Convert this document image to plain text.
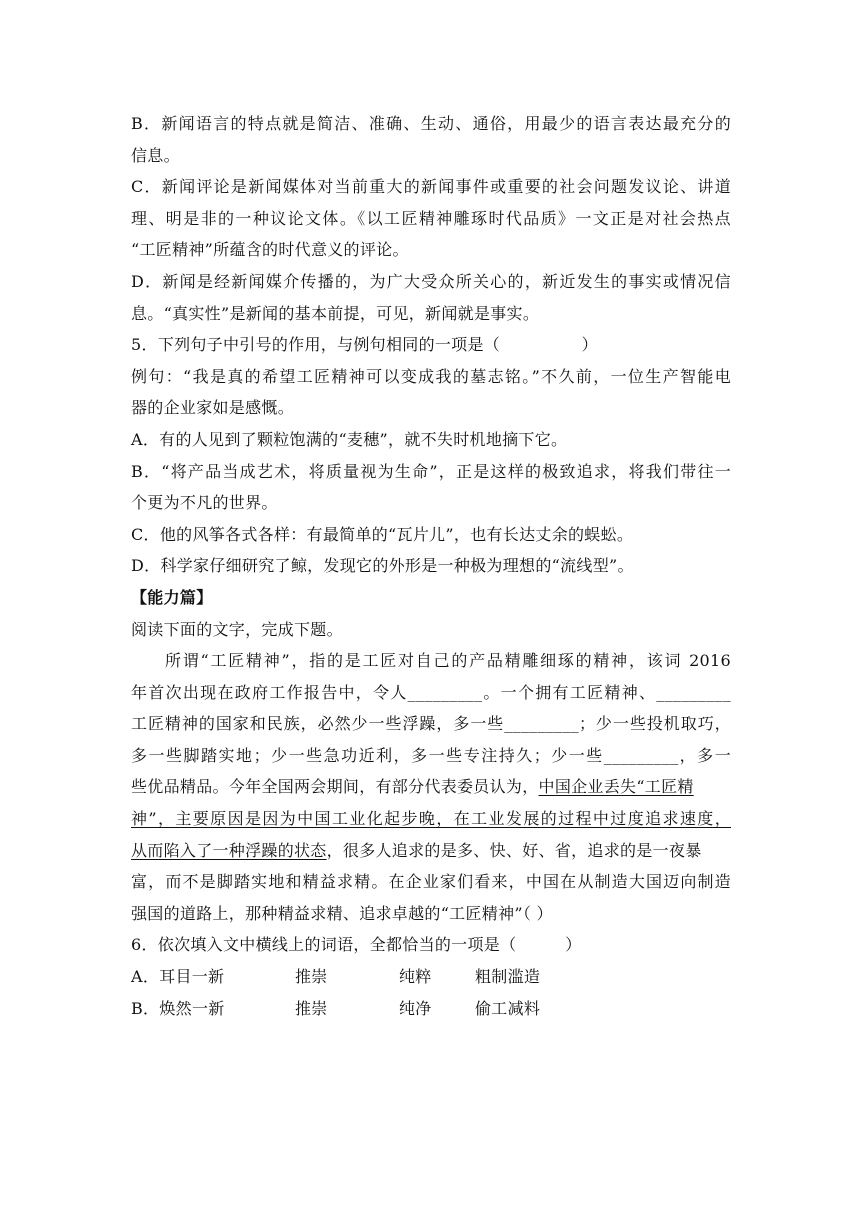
B．新闻语言的特点就是简洁、准确、生动、通俗，用最少的语言表达最充分的
信息。
C．新闻评论是新闻媒体对当前重大的新闻事件或重要的社会问题发议论、讲道
理、明是非的一种议论文体。《以工匠精神雕琢时代品质》一文正是对社会热点
“工匠精神”所蕴含的时代意义的评论。
D．新闻是经新闻媒介传播的，为广大受众所关心的，新近发生的事实或情况信
息。“真实性”是新闻的基本前提，可见，新闻就是事实。
5．下列句子中引号的作用，与例句相同的一项是（　　　　　）
例句：“我是真的希望工匠精神可以变成我的墓志铭。”不久前，一位生产智能电
器的企业家如是感慨。
A．有的人见到了颗粒饱满的“麦穗”，就不失时机地摘下它。
B．“将产品当成艺术，将质量视为生命”，正是这样的极致追求，将我们带往一
个更为不凡的世界。
C．他的风筝各式各样：有最简单的“瓦片儿”，也有长达丈余的蜈蚣。
D．科学家仔细研究了鲸，发现它的外形是一种极为理想的“流线型”。
【能力篇】
阅读下面的文字，完成下题。
所谓“工匠精神”，指的是工匠对自己的产品精雕细琢的精神，该词 2016
年首次出现在政府工作报告中，令人_________。一个拥有工匠精神、_________
工匠精神的国家和民族，必然少一些浮躁，多一些_________；少一些投机取巧，
多一些脚踏实地；少一些急功近利，多一些专注持久；少一些_________，多一
些优品精品。今年全国两会期间，有部分代表委员认为，中国企业丢失“工匠精
神”，主要原因是因为中国工业化起步晚，在工业发展的过程中过度追求速度，
从而陷入了一种浮躁的状态，很多人追求的是多、快、好、省，追求的是一夜暴
富，而不是脚踏实地和精益求精。在企业家们看来，中国在从制造大国迈向制造
强国的道路上，那种精益求精、追求卓越的“工匠精神”（ ）
6．依次填入文中横线上的词语，全都恰当的一项是（　　　）
A．耳目一新	推崇	纯粹	粗制滥造
B．焕然一新	推崇	纯净	偷工减料
